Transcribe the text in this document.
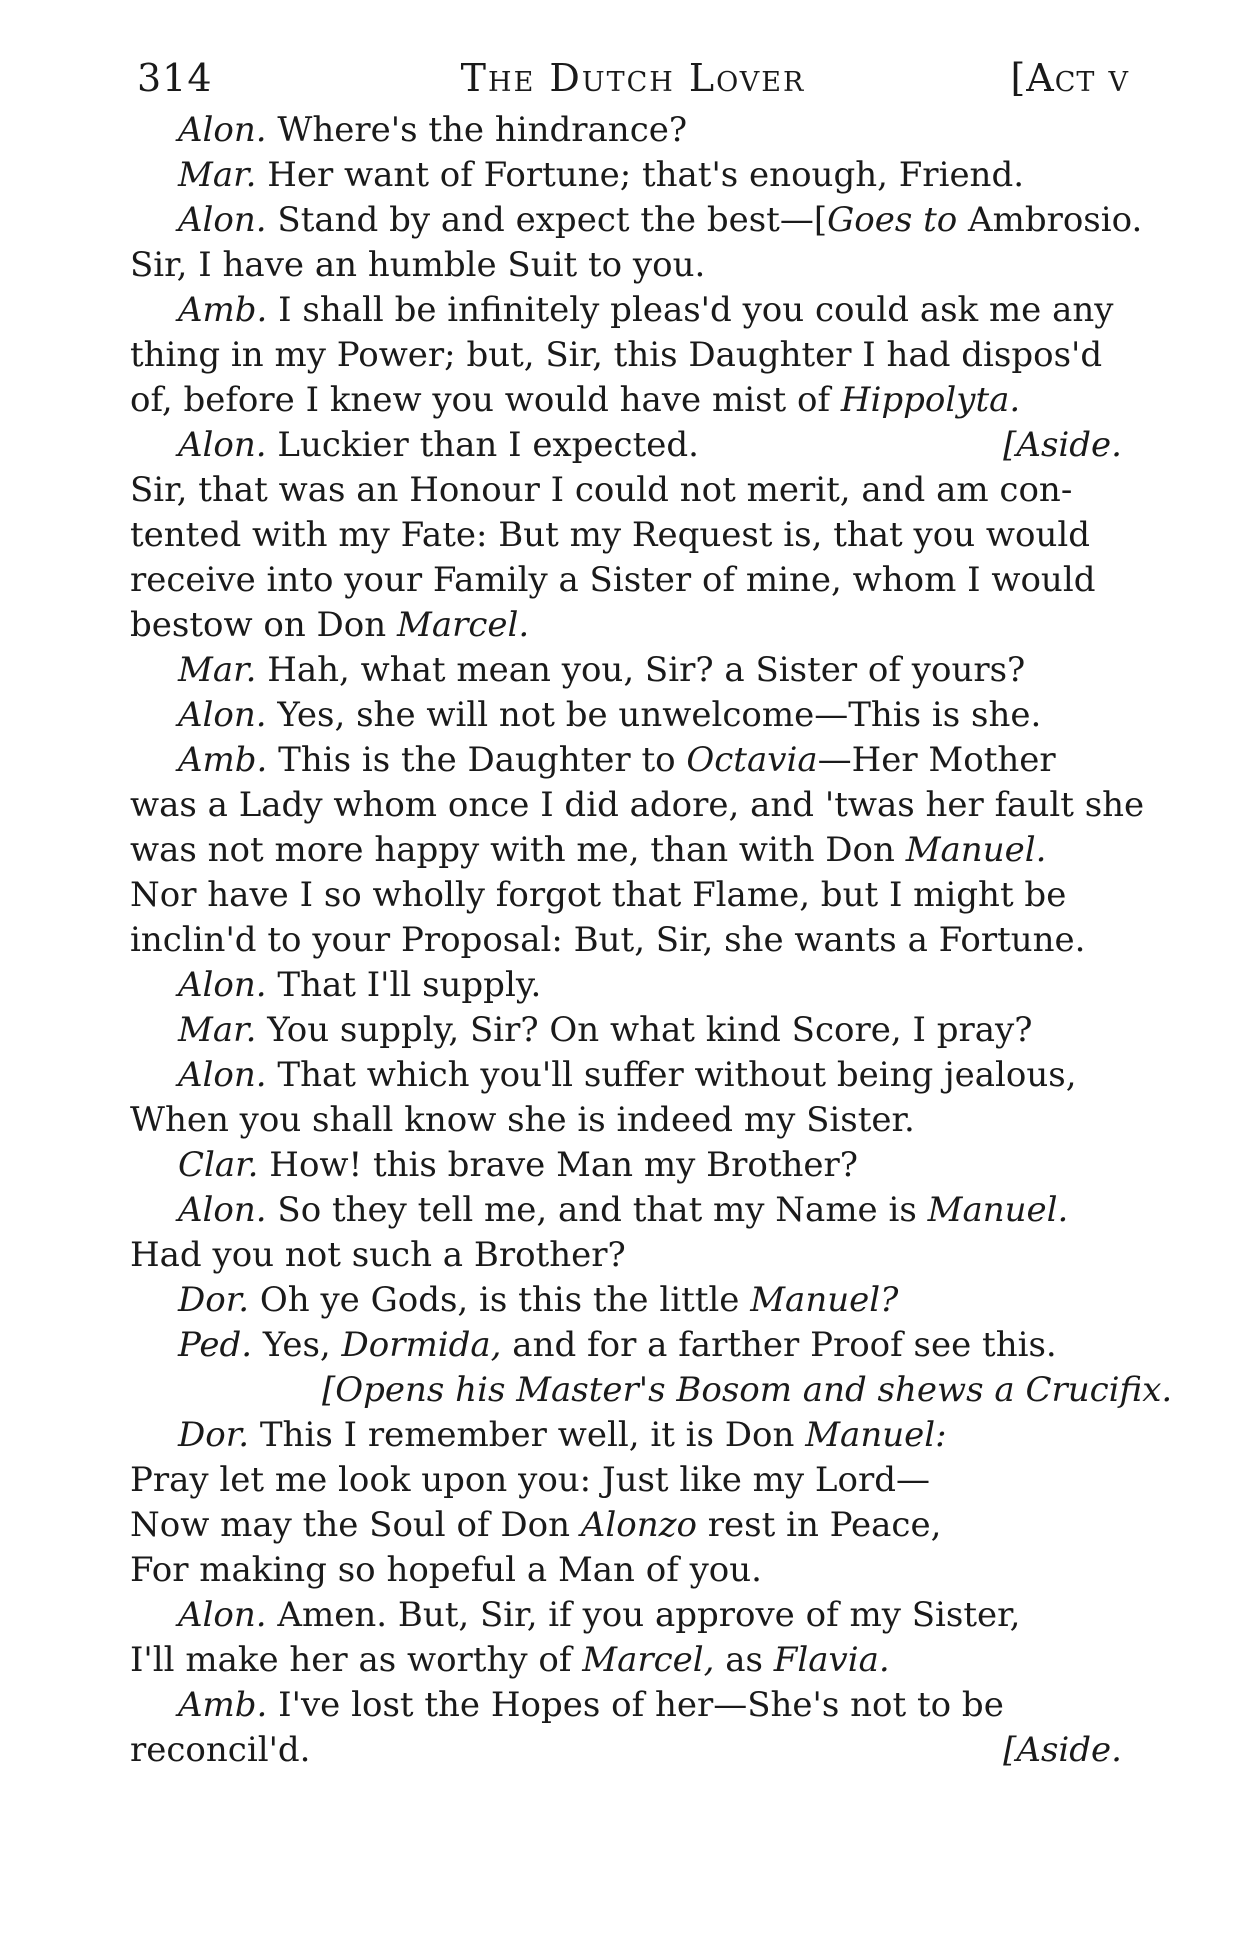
314	The Dutch Lover	[Act v
Alon. Where's the hindrance?
Mar. Her want of Fortune; that's enough, Friend.
Alon. Stand by and expect the best—[Goes to Ambrosio.
Sir, I have an humble Suit to you.
Amb. I shall be infinitely pleas'd you could ask me any
thing in my Power; but, Sir, this Daughter I had dispos'd
of, before I knew you would have mist of Hippolyta.
Alon. Luckier than I expected.	[Aside.
Sir, that was an Honour I could not merit, and am con-
tented with my Fate: But my Request is, that you would
receive into your Family a Sister of mine, whom I would
bestow on Don Marcel.
Mar. Hah, what mean you, Sir? a Sister of yours?
Alon. Yes, she will not be unwelcome—This is she.
Amb. This is the Daughter to Octavia—Her Mother
was a Lady whom once I did adore, and 'twas her fault she
was not more happy with me, than with Don Manuel.
Nor have I so wholly forgot that Flame, but I might be
inclin'd to your Proposal: But, Sir, she wants a Fortune.
Alon. That I'll supply.
Mar. You supply, Sir? On what kind Score, I pray?
Alon. That which you'll suffer without being jealous,
When you shall know she is indeed my Sister.
Clar. How! this brave Man my Brother?
Alon. So they tell me, and that my Name is Manuel.
Had you not such a Brother?
Dor. Oh ye Gods, is this the little Manuel?
Ped. Yes, Dormida, and for a farther Proof see this.
[Opens his Master's Bosom and shews a Crucifix.
Dor. This I remember well, it is Don Manuel:
Pray let me look upon you: Just like my Lord—
Now may the Soul of Don Alonzo rest in Peace,
For making so hopeful a Man of you.
Alon. Amen. But, Sir, if you approve of my Sister,
I'll make her as worthy of Marcel, as Flavia.
Amb. I've lost the Hopes of her—She's not to be
reconcil'd.	[Aside.
